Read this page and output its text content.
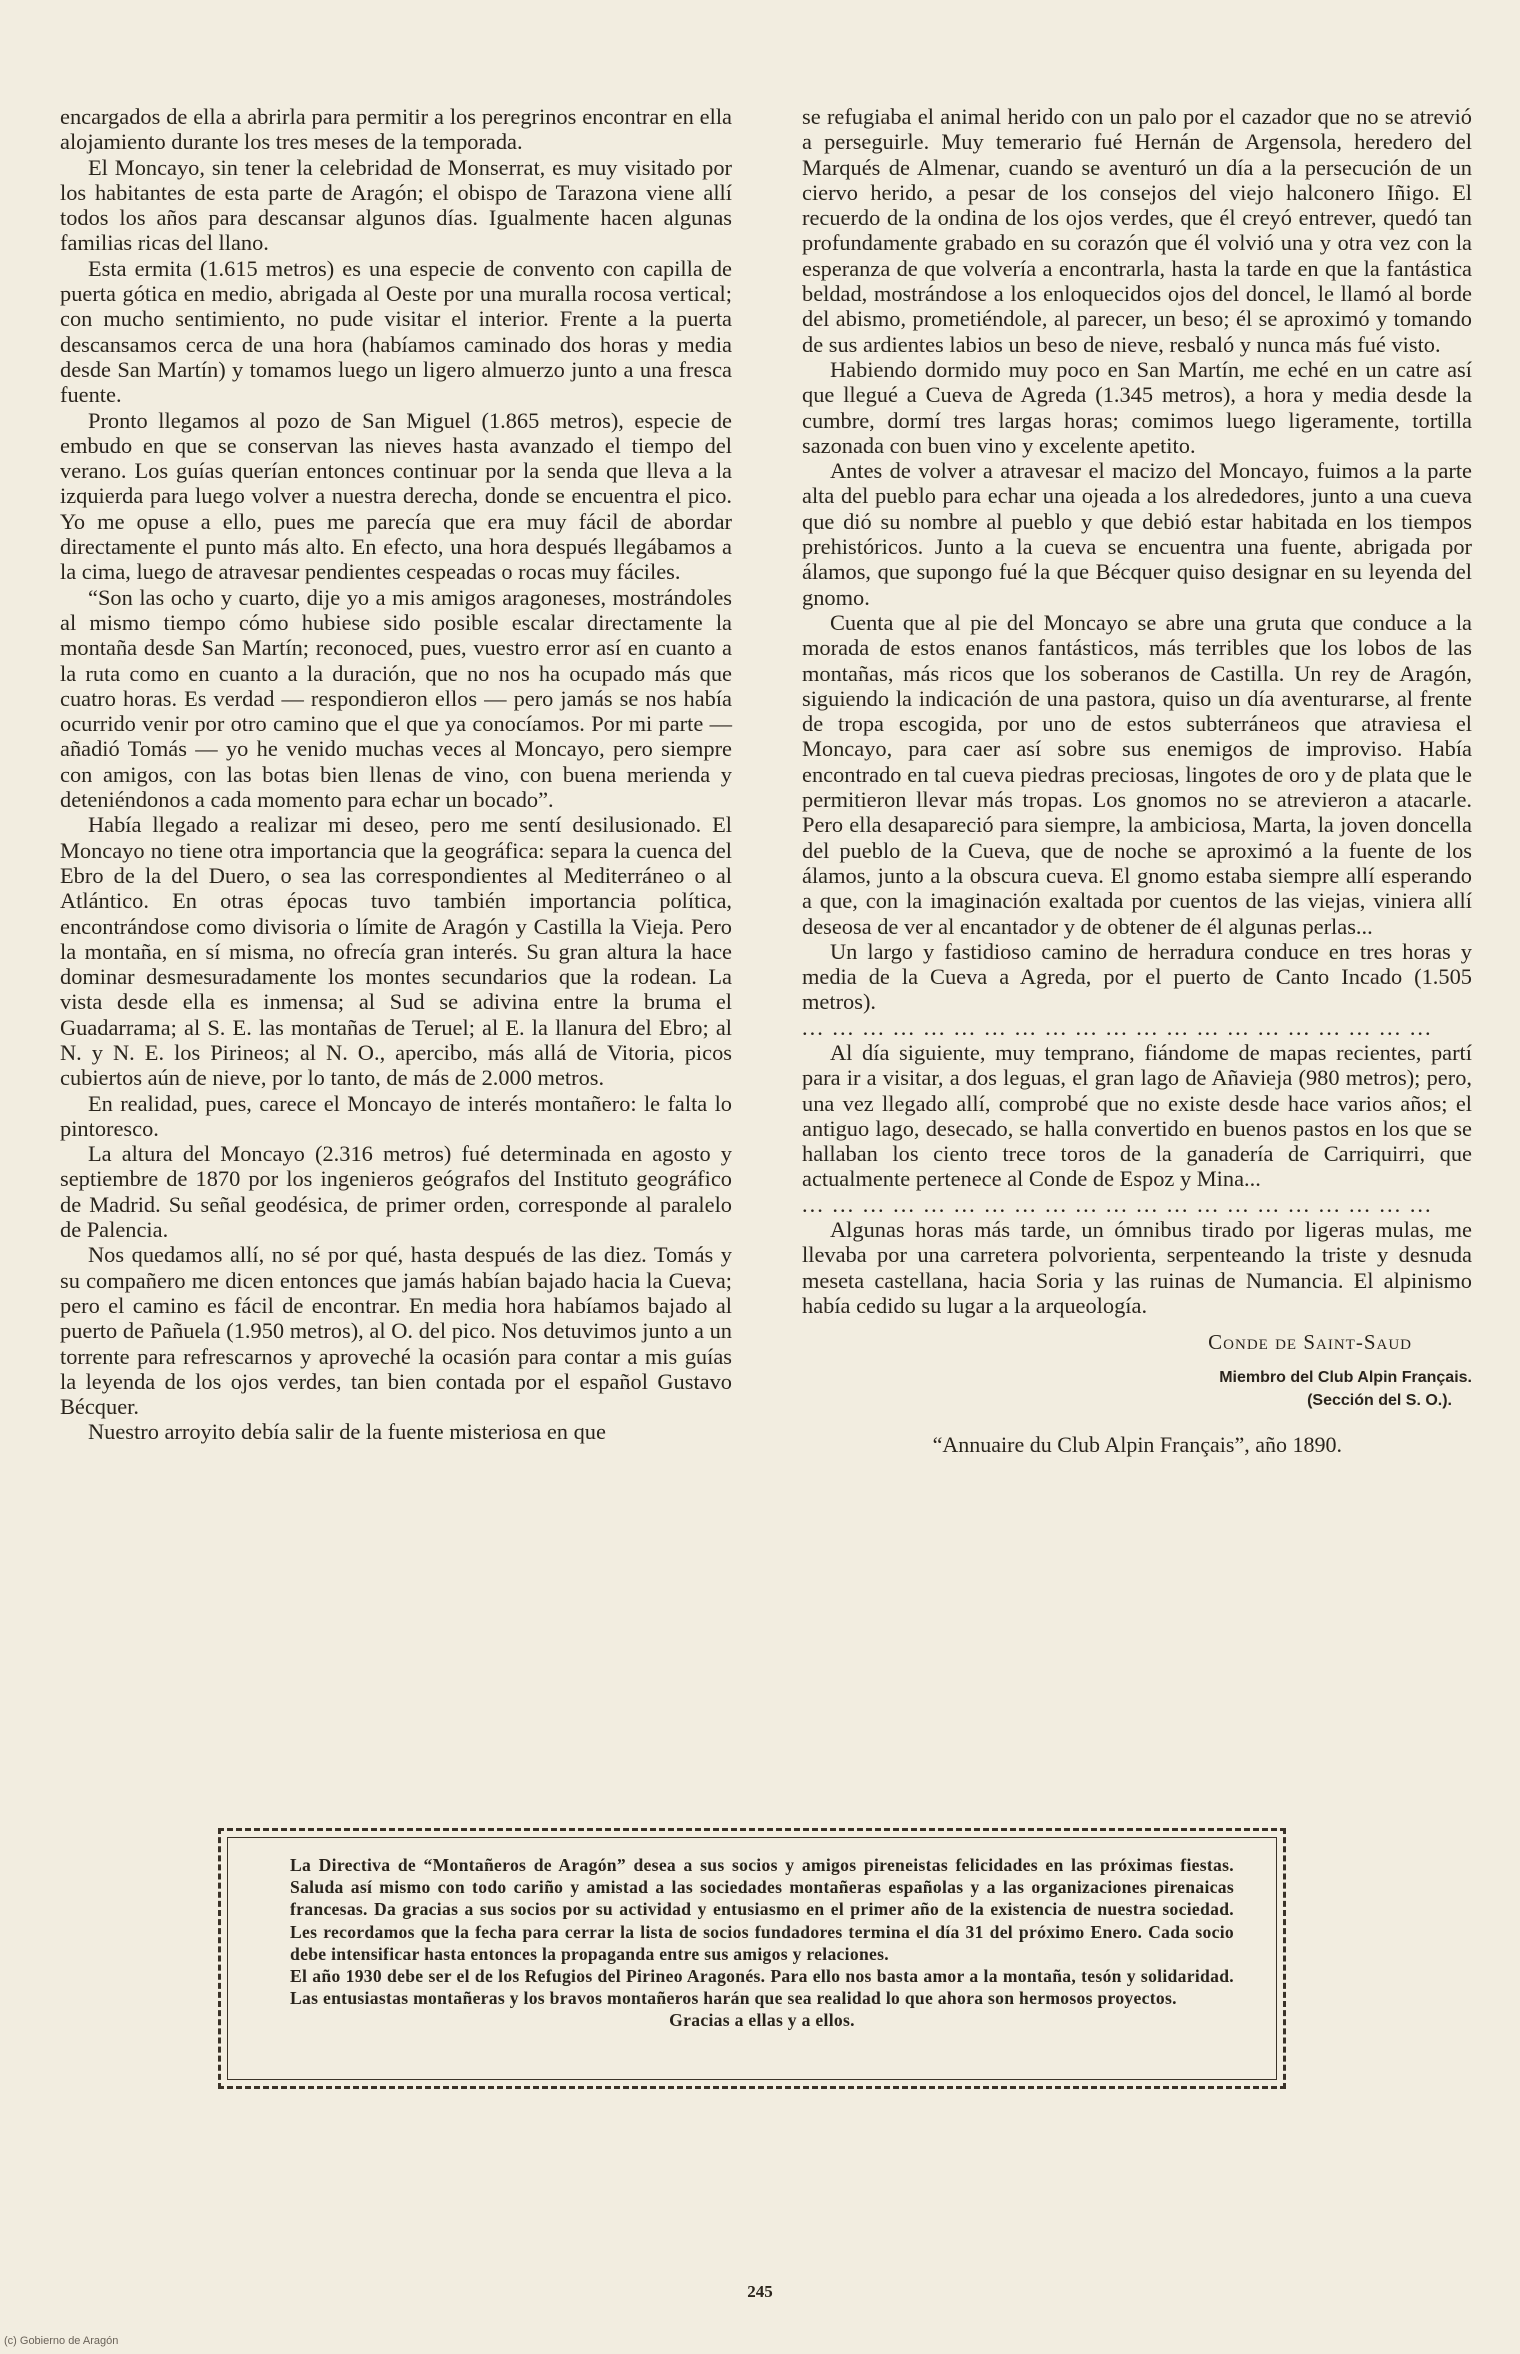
encargados de ella a abrirla para permitir a los peregrinos encontrar en ella alojamiento durante los tres meses de la temporada.

El Moncayo, sin tener la celebridad de Monserrat, es muy visitado por los habitantes de esta parte de Aragón; el obispo de Tarazona viene allí todos los años para descansar algunos días. Igualmente hacen algunas familias ricas del llano.

Esta ermita (1.615 metros) es una especie de convento con capilla de puerta gótica en medio, abrigada al Oeste por una muralla rocosa vertical; con mucho sentimiento, no pude visitar el interior. Frente a la puerta descansamos cerca de una hora (habíamos caminado dos horas y media desde San Martín) y tomamos luego un ligero almuerzo junto a una fresca fuente.

Pronto llegamos al pozo de San Miguel (1.865 metros), especie de embudo en que se conservan las nieves hasta avanzado el tiempo del verano. Los guías querían entonces continuar por la senda que lleva a la izquierda para luego volver a nuestra derecha, donde se encuentra el pico. Yo me opuse a ello, pues me parecía que era muy fácil de abordar directamente el punto más alto. En efecto, una hora después llegábamos a la cima, luego de atravesar pendientes cespeadas o rocas muy fáciles.

“Son las ocho y cuarto, dije yo a mis amigos aragoneses, mostrándoles al mismo tiempo cómo hubiese sido posible escalar directamente la montaña desde San Martín; reconoced, pues, vuestro error así en cuanto a la ruta como en cuanto a la duración, que no nos ha ocupado más que cuatro horas. Es verdad — respondieron ellos — pero jamás se nos había ocurrido venir por otro camino que el que ya conocíamos. Por mi parte — añadió Tomás — yo he venido muchas veces al Moncayo, pero siempre con amigos, con las botas bien llenas de vino, con buena merienda y deteniéndonos a cada momento para echar un bocado”.

Había llegado a realizar mi deseo, pero me sentí desilusionado. El Moncayo no tiene otra importancia que la geográfica: separa la cuenca del Ebro de la del Duero, o sea las correspondientes al Mediterráneo o al Atlántico. En otras épocas tuvo también importancia política, encontrándose como divisoria o límite de Aragón y Castilla la Vieja. Pero la montaña, en sí misma, no ofrecía gran interés. Su gran altura la hace dominar desmesuradamente los montes secundarios que la rodean. La vista desde ella es inmensa; al Sud se adivina entre la bruma el Guadarrama; al S. E. las montañas de Teruel; al E. la llanura del Ebro; al N. y N. E. los Pirineos; al N. O., apercibo, más allá de Vitoria, picos cubiertos aún de nieve, por lo tanto, de más de 2.000 metros.

En realidad, pues, carece el Moncayo de interés montañero: le falta lo pintoresco.

La altura del Moncayo (2.316 metros) fué determinada en agosto y septiembre de 1870 por los ingenieros geógrafos del Instituto geográfico de Madrid. Su señal geodésica, de primer orden, corresponde al paralelo de Palencia.

Nos quedamos allí, no sé por qué, hasta después de las diez. Tomás y su compañero me dicen entonces que jamás habían bajado hacia la Cueva; pero el camino es fácil de encontrar. En media hora habíamos bajado al puerto de Pañuela (1.950 metros), al O. del pico. Nos detuvimos junto a un torrente para refrescarnos y aproveché la ocasión para contar a mis guías la leyenda de los ojos verdes, tan bien contada por el español Gustavo Bécquer.

Nuestro arroyito debía salir de la fuente misteriosa en que

se refugiaba el animal herido con un palo por el cazador que no se atrevió a perseguirle. Muy temerario fué Hernán de Argensola, heredero del Marqués de Almenar, cuando se aventuró un día a la persecución de un ciervo herido, a pesar de los consejos del viejo halconero Iñigo. El recuerdo de la ondina de los ojos verdes, que él creyó entrever, quedó tan profundamente grabado en su corazón que él volvió una y otra vez con la esperanza de que volvería a encontrarla, hasta la tarde en que la fantástica beldad, mostrándose a los enloquecidos ojos del doncel, le llamó al borde del abismo, prometiéndole, al parecer, un beso; él se aproximó y tomando de sus ardientes labios un beso de nieve, resbaló y nunca más fué visto.

Habiendo dormido muy poco en San Martín, me eché en un catre así que llegué a Cueva de Agreda (1.345 metros), a hora y media desde la cumbre, dormí tres largas horas; comimos luego ligeramente, tortilla sazonada con buen vino y excelente apetito.

Antes de volver a atravesar el macizo del Moncayo, fuimos a la parte alta del pueblo para echar una ojeada a los alrededores, junto a una cueva que dió su nombre al pueblo y que debió estar habitada en los tiempos prehistóricos. Junto a la cueva se encuentra una fuente, abrigada por álamos, que supongo fué la que Bécquer quiso designar en su leyenda del gnomo.

Cuenta que al pie del Moncayo se abre una gruta que conduce a la morada de estos enanos fantásticos, más terribles que los lobos de las montañas, más ricos que los soberanos de Castilla. Un rey de Aragón, siguiendo la indicación de una pastora, quiso un día aventurarse, al frente de tropa escogida, por uno de estos subterráneos que atraviesa el Moncayo, para caer así sobre sus enemigos de improviso. Había encontrado en tal cueva piedras preciosas, lingotes de oro y de plata que le permitieron llevar más tropas. Los gnomos no se atrevieron a atacarle. Pero ella desapareció para siempre, la ambiciosa, Marta, la joven doncella del pueblo de la Cueva, que de noche se aproximó a la fuente de los álamos, junto a la obscura cueva. El gnomo estaba siempre allí esperando a que, con la imaginación exaltada por cuentos de las viejas, viniera allí deseosa de ver al encantador y de obtener de él algunas perlas...

Un largo y fastidioso camino de herradura conduce en tres horas y media de la Cueva a Agreda, por el puerto de Canto Incado (1.505 metros).

... ... ... ... ... ... ... ... ... ... ... ... ... ... ... ... ... ... ... ... ...

Al día siguiente, muy temprano, fiándome de mapas recientes, partí para ir a visitar, a dos leguas, el gran lago de Añavieja (980 metros); pero, una vez llegado allí, comprobé que no existe desde hace varios años; el antiguo lago, desecado, se halla convertido en buenos pastos en los que se hallaban los ciento trece toros de la ganadería de Carriquirri, que actualmente pertenece al Conde de Espoz y Mina...

... ... ... ... ... ... ... ... ... ... ... ... ... ... ... ... ... ... ... ... ...

Algunas horas más tarde, un ómnibus tirado por ligeras mulas, me llevaba por una carretera polvorienta, serpenteando la triste y desnuda meseta castellana, hacia Soria y las ruinas de Numancia. El alpinismo había cedido su lugar a la arqueología.

Conde de Saint-Saud
Miembro del Club Alpin Français.
(Sección del S. O.).
“Annuaire du Club Alpin Français”, año 1890.

La Directiva de “Montañeros de Aragón” desea a sus socios y amigos pireneistas felicidades en las próximas fiestas. Saluda así mismo con todo cariño y amistad a las sociedades montañeras españolas y a las organizaciones pirenaicas francesas. Da gracias a sus socios por su actividad y entusiasmo en el primer año de la existencia de nuestra sociedad. Les recordamos que la fecha para cerrar la lista de socios fundadores termina el día 31 del próximo Enero. Cada socio debe intensificar hasta entonces la propaganda entre sus amigos y relaciones.

El año 1930 debe ser el de los Refugios del Pirineo Aragonés. Para ello nos basta amor a la montaña, tesón y solidaridad. Las entusiastas montañeras y los bravos montañeros harán que sea realidad lo que ahora son hermosos proyectos.

Gracias a ellas y a ellos.

245
(c) Gobierno de Aragón
